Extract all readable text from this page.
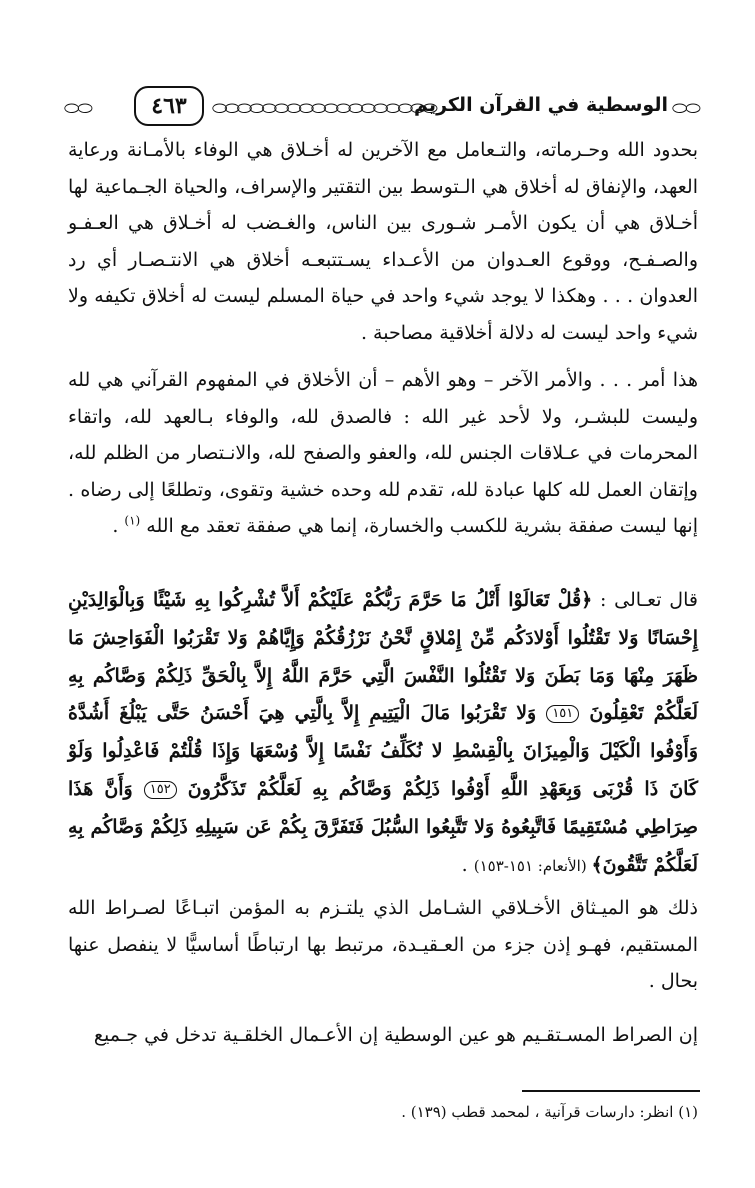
⬭⬭	٤٦٣ ⬭⬭⬭⬭⬭⬭⬭⬭⬭⬭⬭⬭⬭⬭⬭⬭⬭⬭
الوسطية في القرآن الكريم ⬭⬭

بحدود الله وحـرماته، والتـعامل مع الآخرين له أخـلاق هي الوفاء بالأمـانة ورعاية العهد، والإنفاق له أخلاق هي الـتوسط بين التقتير والإسراف، والحياة الجـماعية لها أخـلاق هي أن يكون الأمـر شـورى بين الناس، والغـضب له أخـلاق هي العـفـو والصـفـح، ووقوع العـدوان من الأعـداء يسـتتبعـه أخلاق هي الانتـصـار أي رد العدوان . . . وهكذا لا يوجد شيء واحد في حياة المسلم ليست له أخلاق تكيفه ولا شيء واحد ليست له دلالة أخلاقية مصاحبة .

هذا أمر . . . والأمر الآخر – وهو الأهم – أن الأخلاق في المفهوم القرآني هي لله وليست للبشـر، ولا لأحد غير الله : فالصدق لله، والوفاء بـالعهد لله، واتقاء المحرمات في عـلاقات الجنس لله، والعفو والصفح لله، والانـتصار من الظلم لله، وإتقان العمل لله كلها عبادة لله، تقدم لله وحده خشية وتقوى، وتطلعًا إلى رضاه . إنها ليست صفقة بشرية للكسب والخسارة، إنما هي صفقة تعقد مع الله $^{(١)}$ .

قال تعـالى : ﴿قُلْ تَعَالَوْا أَتْلُ مَا حَرَّمَ رَبُّكُمْ عَلَيْكُمْ أَلاَّ تُشْرِكُوا بِهِ شَيْئًا وَبِالْوَالِدَيْنِ إِحْسَانًا وَلا تَقْتُلُوا أَوْلادَكُم مِّنْ إِمْلاقٍ نَّحْنُ نَرْزُقُكُمْ وَإِيَّاهُمْ وَلا تَقْرَبُوا الْفَوَاحِشَ مَا ظَهَرَ مِنْهَا وَمَا بَطَنَ وَلا تَقْتُلُوا النَّفْسَ الَّتِي حَرَّمَ اللَّهُ إِلاَّ بِالْحَقِّ ذَلِكُمْ وَصَّاكُم بِهِ لَعَلَّكُمْ تَعْقِلُونَ ١٥١ وَلا تَقْرَبُوا مَالَ الْيَتِيمِ إِلاَّ بِالَّتِي هِيَ أَحْسَنُ حَتَّى يَبْلُغَ أَشُدَّهُ وَأَوْفُوا الْكَيْلَ وَالْمِيزَانَ بِالْقِسْطِ لا نُكَلِّفُ نَفْسًا إِلاَّ وُسْعَهَا وَإِذَا قُلْتُمْ فَاعْدِلُوا وَلَوْ كَانَ ذَا قُرْبَى وَبِعَهْدِ اللَّهِ أَوْفُوا ذَلِكُمْ وَصَّاكُم بِهِ لَعَلَّكُمْ تَذَكَّرُونَ ١٥٢ وَأَنَّ هَذَا صِرَاطِي مُسْتَقِيمًا فَاتَّبِعُوهُ وَلا تَتَّبِعُوا السُّبُلَ فَتَفَرَّقَ بِكُمْ عَن سَبِيلِهِ ذَلِكُمْ وَصَّاكُم بِهِ لَعَلَّكُمْ تَتَّقُونَ﴾ (الأنعام: ١٥١-١٥٣) .

ذلك هو الميـثاق الأخـلاقي الشـامل الذي يلتـزم به المؤمن اتبـاعًا لصـراط الله المستقيم، فهـو إذن جزء من العـقيـدة، مرتبط بها ارتباطًا أساسيًّا لا ينفصل عنها بحال .

إن الصراط المسـتقـيم هو عين الوسطية إن الأعـمال الخلقـية تدخل في جـميع

(١) انظر: دارسات قرآنية ، لمحمد قطب (١٣٩) .
